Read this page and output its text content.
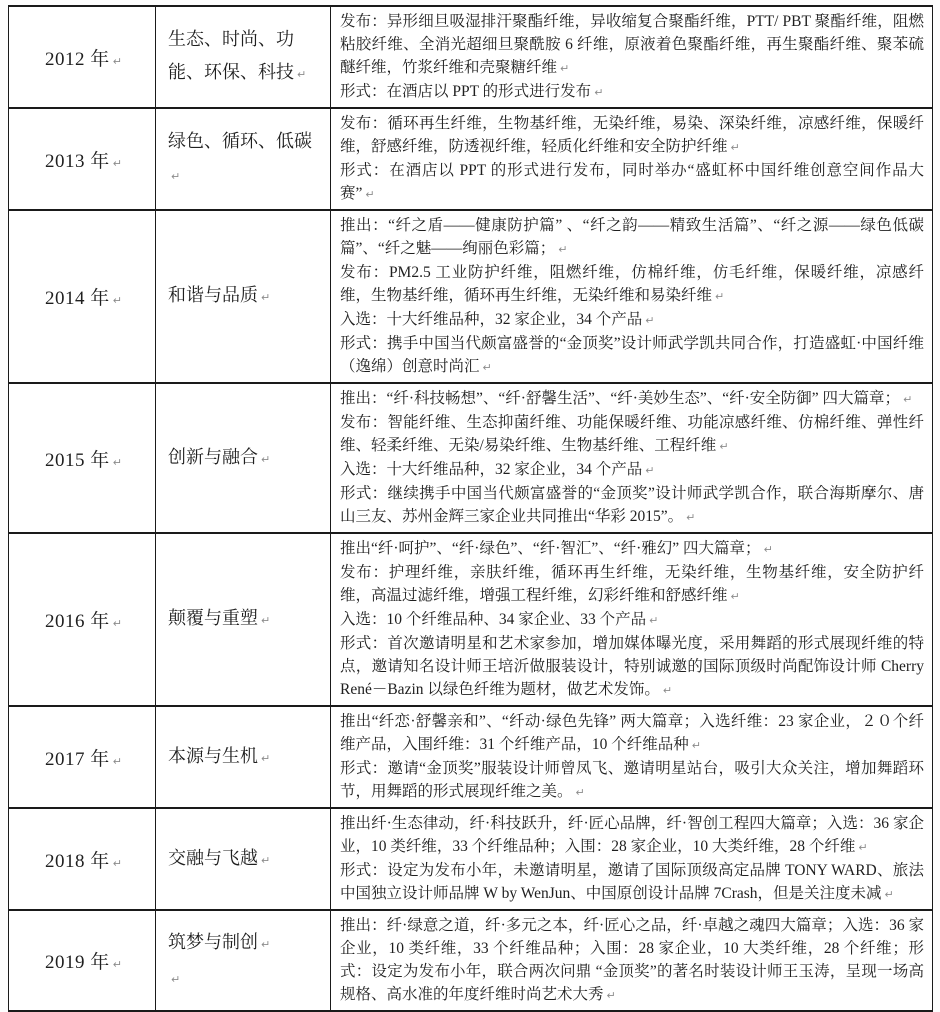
2012 年 ↵	生态、时尚、功能、环保、科技 ↵	发布：异形细旦吸湿排汗聚酯纤维，异收缩复合聚酯纤维，PTT/ PBT 聚酯纤维，阻燃粘胶纤维、全消光超细旦聚酰胺 6 纤维，原液着色聚酯纤维，再生聚酯纤维、聚苯硫醚纤维，竹浆纤维和壳聚糖纤维 ↵
形式：在酒店以 PPT 的形式进行发布 ↵

2013 年 ↵	绿色、循环、低碳↵	发布：循环再生纤维，生物基纤维，无染纤维，易染、深染纤维，凉感纤维，保暖纤维，舒感纤维，防透视纤维，轻质化纤维和安全防护纤维 ↵
形式：在酒店以 PPT 的形式进行发布，同时举办“盛虹杯中国纤维创意空间作品大赛” ↵

2014 年 ↵	和谐与品质 ↵	推出：“纤之盾——健康防护篇” 、“纤之韵——精致生活篇”、“纤之源——绿色低碳篇”、“纤之魅——绚丽色彩篇； ↵
发布：PM2.5 工业防护纤维，阻燃纤维，仿棉纤维，仿毛纤维，保暖纤维，凉感纤维，生物基纤维，循环再生纤维，无染纤维和易染纤维 ↵
入选：十大纤维品种，32 家企业，34 个产品 ↵
形式：携手中国当代颇富盛誉的“金顶奖”设计师武学凯共同合作，打造盛虹·中国纤维（逸绵）创意时尚汇 ↵

2015 年 ↵	创新与融合 ↵	推出：“纤·科技畅想”、“纤·舒馨生活”、“纤·美妙生态”、“纤·安全防御” 四大篇章； ↵
发布：智能纤维、生态抑菌纤维、功能保暖纤维、功能凉感纤维、仿棉纤维、弹性纤维、轻柔纤维、无染/易染纤维、生物基纤维、工程纤维 ↵
入选：十大纤维品种，32 家企业，34 个产品 ↵
形式：继续携手中国当代颇富盛誉的“金顶奖”设计师武学凯合作，联合海斯摩尔、唐山三友、苏州金辉三家企业共同推出“华彩 2015”。 ↵

2016 年 ↵	颠覆与重塑 ↵	推出“纤·呵护”、“纤·绿色”、“纤·智汇”、“纤·雅幻” 四大篇章； ↵
发布：护理纤维，亲肤纤维，循环再生纤维，无染纤维，生物基纤维，安全防护纤维，高温过滤纤维，增强工程纤维，幻彩纤维和舒感纤维 ↵
入选：10 个纤维品种、34 家企业、33 个产品 ↵
形式：首次邀请明星和艺术家参加，增加媒体曝光度，采用舞蹈的形式展现纤维的特点，邀请知名设计师王培沂做服装设计，特别诚邀的国际顶级时尚配饰设计师 Cherry René－Bazin 以绿色纤维为题材，做艺术发饰。 ↵

2017 年 ↵	本源与生机 ↵	推出“纤恋·舒馨亲和”、“纤动·绿色先锋” 两大篇章；入选纤维：23 家企业，２０个纤维产品，入围纤维：31 个纤维产品，10 个纤维品种 ↵
形式：邀请“金顶奖”服装设计师曾凤飞、邀请明星站台，吸引大众关注，增加舞蹈环节，用舞蹈的形式展现纤维之美。 ↵

2018 年 ↵	交融与飞越 ↵	推出纤·生态律动，纤·科技跃升，纤·匠心品牌，纤·智创工程四大篇章；入选：36 家企业，10 类纤维，33 个纤维品种；入围：28 家企业，10 大类纤维，28 个纤维 ↵
形式：设定为发布小年，未邀请明星，邀请了国际顶级高定品牌 TONY WARD、旅法中国独立设计师品牌 W by WenJun、中国原创设计品牌 7Crash，但是关注度未减 ↵

2019 年 ↵	筑梦与制创 ↵
↵	推出：纤·绿意之道，纤·多元之本，纤·匠心之品，纤·卓越之魂四大篇章；入选：36 家企业，10 类纤维，33 个纤维品种；入围：28 家企业，10 大类纤维，28 个纤维；形式：设定为发布小年，联合两次问鼎 “金顶奖”的著名时装设计师王玉涛，呈现一场高规格、高水准的年度纤维时尚艺术大秀 ↵
